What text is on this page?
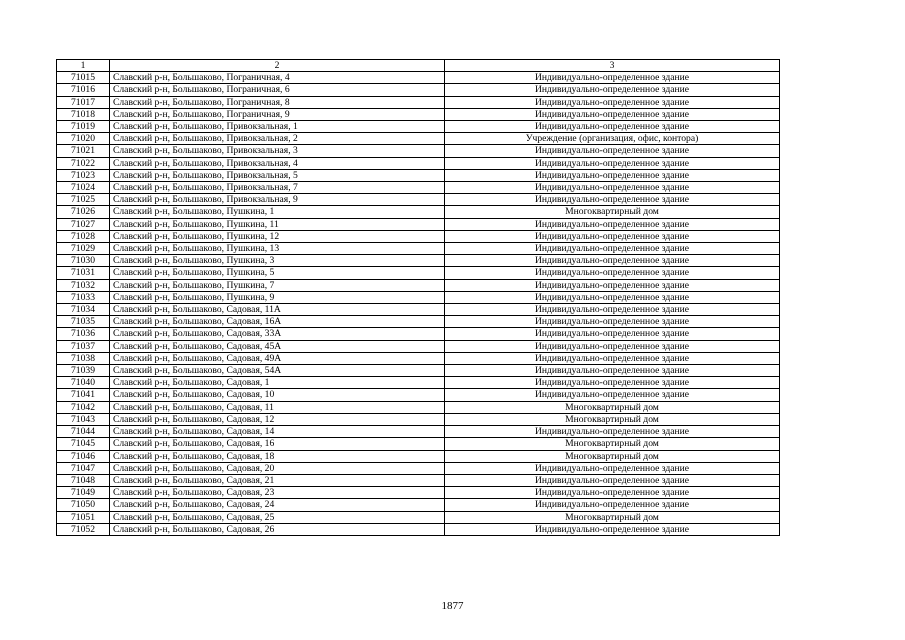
1	2	3
71015	Славский р-н, Большаково, Пограничная, 4	Индивидуально-определенное здание
71016	Славский р-н, Большаково, Пограничная, 6	Индивидуально-определенное здание
71017	Славский р-н, Большаково, Пограничная, 8	Индивидуально-определенное здание
71018	Славский р-н, Большаково, Пограничная, 9	Индивидуально-определенное здание
71019	Славский р-н, Большаково, Привокзальная, 1	Индивидуально-определенное здание
71020	Славский р-н, Большаково, Привокзальная, 2	Учреждение (организация, офис, контора)
71021	Славский р-н, Большаково, Привокзальная, 3	Индивидуально-определенное здание
71022	Славский р-н, Большаково, Привокзальная, 4	Индивидуально-определенное здание
71023	Славский р-н, Большаково, Привокзальная, 5	Индивидуально-определенное здание
71024	Славский р-н, Большаково, Привокзальная, 7	Индивидуально-определенное здание
71025	Славский р-н, Большаково, Привокзальная, 9	Индивидуально-определенное здание
71026	Славский р-н, Большаково, Пушкина, 1	Многоквартирный дом
71027	Славский р-н, Большаково, Пушкина, 11	Индивидуально-определенное здание
71028	Славский р-н, Большаково, Пушкина, 12	Индивидуально-определенное здание
71029	Славский р-н, Большаково, Пушкина, 13	Индивидуально-определенное здание
71030	Славский р-н, Большаково, Пушкина, 3	Индивидуально-определенное здание
71031	Славский р-н, Большаково, Пушкина, 5	Индивидуально-определенное здание
71032	Славский р-н, Большаково, Пушкина, 7	Индивидуально-определенное здание
71033	Славский р-н, Большаково, Пушкина, 9	Индивидуально-определенное здание
71034	Славский р-н, Большаково, Садовая, 11А	Индивидуально-определенное здание
71035	Славский р-н, Большаково, Садовая, 16А	Индивидуально-определенное здание
71036	Славский р-н, Большаково, Садовая, 33А	Индивидуально-определенное здание
71037	Славский р-н, Большаково, Садовая, 45А	Индивидуально-определенное здание
71038	Славский р-н, Большаково, Садовая, 49А	Индивидуально-определенное здание
71039	Славский р-н, Большаково, Садовая, 54А	Индивидуально-определенное здание
71040	Славский р-н, Большаково, Садовая, 1	Индивидуально-определенное здание
71041	Славский р-н, Большаково, Садовая, 10	Индивидуально-определенное здание
71042	Славский р-н, Большаково, Садовая, 11	Многоквартирный дом
71043	Славский р-н, Большаково, Садовая, 12	Многоквартирный дом
71044	Славский р-н, Большаково, Садовая, 14	Индивидуально-определенное здание
71045	Славский р-н, Большаково, Садовая, 16	Многоквартирный дом
71046	Славский р-н, Большаково, Садовая, 18	Многоквартирный дом
71047	Славский р-н, Большаково, Садовая, 20	Индивидуально-определенное здание
71048	Славский р-н, Большаково, Садовая, 21	Индивидуально-определенное здание
71049	Славский р-н, Большаково, Садовая, 23	Индивидуально-определенное здание
71050	Славский р-н, Большаково, Садовая, 24	Индивидуально-определенное здание
71051	Славский р-н, Большаково, Садовая, 25	Многоквартирный дом
71052	Славский р-н, Большаково, Садовая, 26	Индивидуально-определенное здание
1877
